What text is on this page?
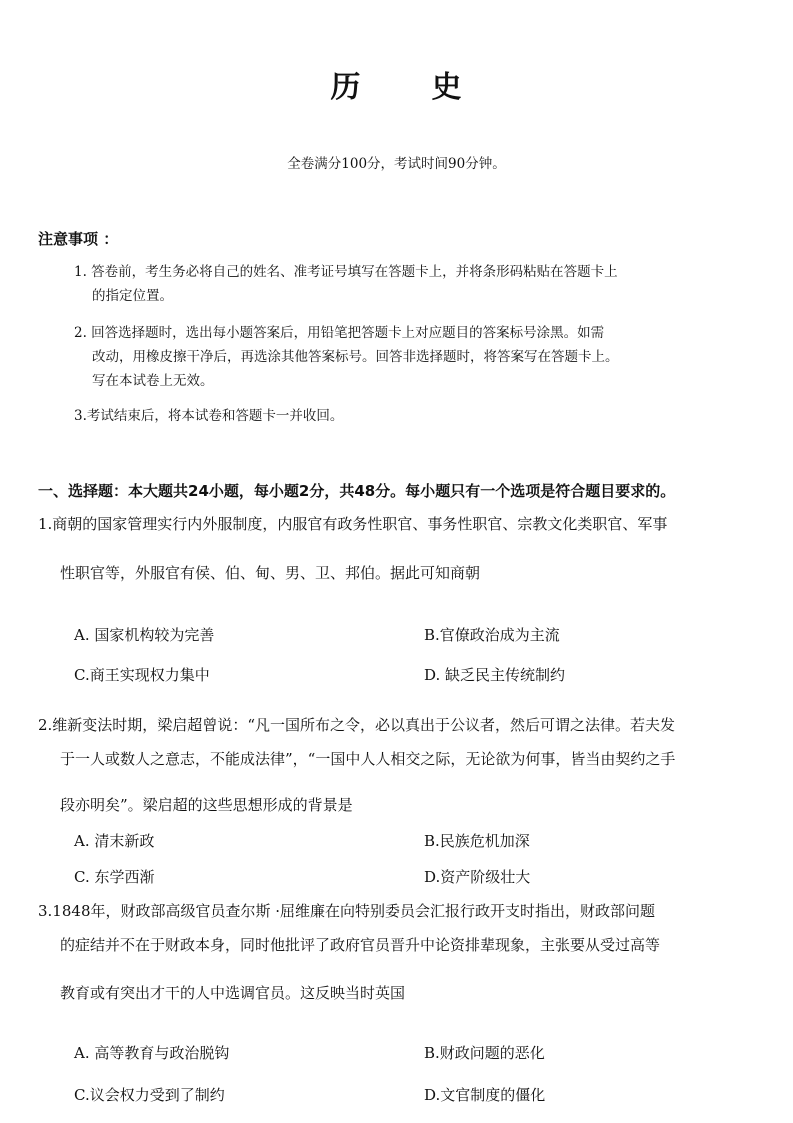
历 史
全卷满分100分，考试时间90分钟。
注意事项 ：
1. 答卷前，考生务必将自己的姓名、准考证号填写在答题卡上，并将条形码粘贴在答题卡上
的指定位置。
2. 回答选择题时，选出每小题答案后，用铅笔把答题卡上对应题目的答案标号涂黑。如需
改动，用橡皮擦干净后，再选涂其他答案标号。回答非选择题时，将答案写在答题卡上。
写在本试卷上无效。
3.考试结束后，将本试卷和答题卡一并收回。
一、选择题：本大题共24小题，每小题2分，共48分。每小题只有一个选项是符合题目要求的。
1.商朝的国家管理实行内外服制度，内服官有政务性职官、事务性职官、宗教文化类职官、军事
性职官等，外服官有侯、伯、甸、男、卫、邦伯。据此可知商朝
A. 国家机构较为完善	B.官僚政治成为主流
C.商王实现权力集中	D. 缺乏民主传统制约
2.维新变法时期，梁启超曾说：“凡一国所布之令，必以真出于公议者，然后可谓之法律。若夫发
于一人或数人之意志，不能成法律”，“一国中人人相交之际，无论欲为何事，皆当由契约之手
段亦明矣”。梁启超的这些思想形成的背景是
A. 清末新政	B.民族危机加深
C. 东学西渐	D.资产阶级壮大
3.1848年，财政部高级官员查尔斯 ·屈维廉在向特别委员会汇报行政开支时指出，财政部问题
的症结并不在于财政本身，同时他批评了政府官员晋升中论资排辈现象，主张要从受过高等
教育或有突出才干的人中选调官员。这反映当时英国
A. 高等教育与政治脱钩	B.财政问题的恶化
C.议会权力受到了制约	D.文官制度的僵化
